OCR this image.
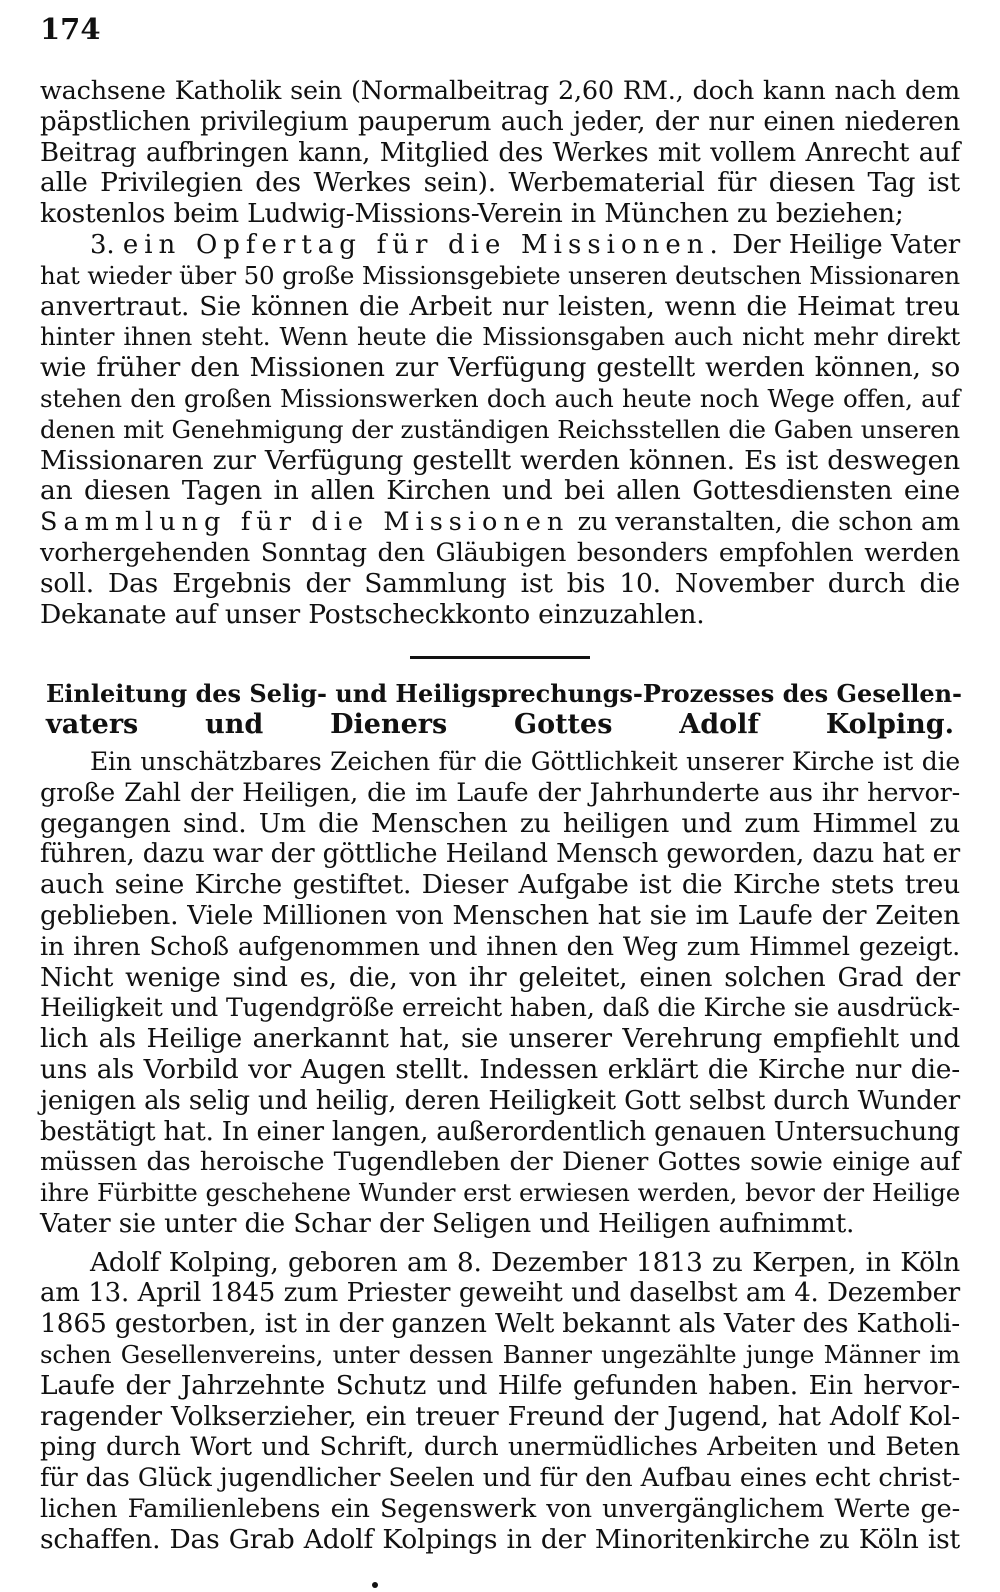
174
wachsene Katholik sein (Normalbeitrag 2,60 RM., doch kann nach dem
päpstlichen privilegium pauperum auch jeder, der nur einen niederen
Beitrag aufbringen kann, Mitglied des Werkes mit vollem Anrecht auf
alle Privilegien des Werkes sein). Werbematerial für diesen Tag ist
kostenlos beim Ludwig-Missions-Verein in München zu beziehen;
3. ein Opfertag für die Missionen. Der Heilige Vater
hat wieder über 50 große Missionsgebiete unseren deutschen Missionaren
anvertraut. Sie können die Arbeit nur leisten, wenn die Heimat treu
hinter ihnen steht. Wenn heute die Missionsgaben auch nicht mehr direkt
wie früher den Missionen zur Verfügung gestellt werden können, so
stehen den großen Missionswerken doch auch heute noch Wege offen, auf
denen mit Genehmigung der zuständigen Reichsstellen die Gaben unseren
Missionaren zur Verfügung gestellt werden können. Es ist deswegen
an diesen Tagen in allen Kirchen und bei allen Gottesdiensten eine
Sammlung für die Missionen zu veranstalten, die schon am
vorhergehenden Sonntag den Gläubigen besonders empfohlen werden
soll. Das Ergebnis der Sammlung ist bis 10. November durch die
Dekanate auf unser Postscheckkonto einzuzahlen.
Einleitung des Selig- und Heiligsprechungs-Prozesses des Gesellen-
vaters und Dieners Gottes Adolf Kolping.
Ein unschätzbares Zeichen für die Göttlichkeit unserer Kirche ist die
große Zahl der Heiligen, die im Laufe der Jahrhunderte aus ihr hervor-
gegangen sind. Um die Menschen zu heiligen und zum Himmel zu
führen, dazu war der göttliche Heiland Mensch geworden, dazu hat er
auch seine Kirche gestiftet. Dieser Aufgabe ist die Kirche stets treu
geblieben. Viele Millionen von Menschen hat sie im Laufe der Zeiten
in ihren Schoß aufgenommen und ihnen den Weg zum Himmel gezeigt.
Nicht wenige sind es, die, von ihr geleitet, einen solchen Grad der
Heiligkeit und Tugendgröße erreicht haben, daß die Kirche sie ausdrück-
lich als Heilige anerkannt hat, sie unserer Verehrung empfiehlt und
uns als Vorbild vor Augen stellt. Indessen erklärt die Kirche nur die-
jenigen als selig und heilig, deren Heiligkeit Gott selbst durch Wunder
bestätigt hat. In einer langen, außerordentlich genauen Untersuchung
müssen das heroische Tugendleben der Diener Gottes sowie einige auf
ihre Fürbitte geschehene Wunder erst erwiesen werden, bevor der Heilige
Vater sie unter die Schar der Seligen und Heiligen aufnimmt.
Adolf Kolping, geboren am 8. Dezember 1813 zu Kerpen, in Köln
am 13. April 1845 zum Priester geweiht und daselbst am 4. Dezember
1865 gestorben, ist in der ganzen Welt bekannt als Vater des Katholi-
schen Gesellenvereins, unter dessen Banner ungezählte junge Männer im
Laufe der Jahrzehnte Schutz und Hilfe gefunden haben. Ein hervor-
ragender Volkserzieher, ein treuer Freund der Jugend, hat Adolf Kol-
ping durch Wort und Schrift, durch unermüdliches Arbeiten und Beten
für das Glück jugendlicher Seelen und für den Aufbau eines echt christ-
lichen Familienlebens ein Segenswerk von unvergänglichem Werte ge-
schaffen. Das Grab Adolf Kolpings in der Minoritenkirche zu Köln ist
